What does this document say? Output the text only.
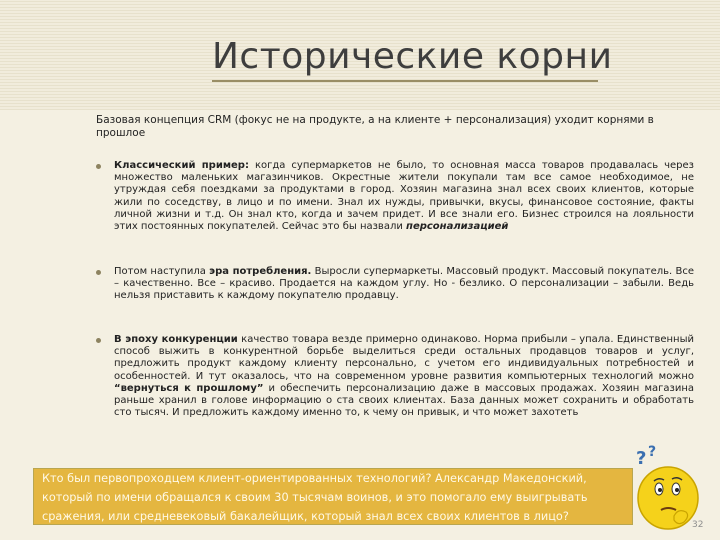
Исторические корни
Базовая концепция CRM (фокус не на продукте, а на клиенте + персонализация) уходит корнями в прошлое
Классический пример: когда супермаркетов не было, то основная масса товаров продавалась через множество маленьких магазинчиков. Окрестные жители покупали там все самое необходимое, не утруждая себя поездками за продуктами в город. Хозяин магазина знал всех своих клиентов, которые жили по соседству, в лицо и по имени. Знал их нужды, привычки, вкусы, финансовое состояние, факты личной жизни и т.д. Он знал кто, когда и зачем придет. И все знали его. Бизнес строился на лояльности этих постоянных покупателей. Сейчас это бы назвали персонализацией
Потом наступила эра потребления. Выросли супермаркеты. Массовый продукт. Массовый покупатель. Все – качественно. Все – красиво. Продается на каждом углу. Но - безлико. О персонализации – забыли. Ведь нельзя приставить к каждому покупателю продавцу.
В эпоху конкуренции качество товара везде примерно одинаково. Норма прибыли – упала. Единственный способ выжить в конкурентной борьбе выделиться среди остальных продавцов товаров и услуг, предложить продукт каждому клиенту персонально, с учетом его индивидуальных потребностей и особенностей. И тут оказалось, что на современном уровне развития компьютерных технологий можно “вернуться к прошлому” и обеспечить персонализацию даже в массовых продажах. Хозяин магазина раньше хранил в голове информацию о ста своих клиентах. База данных может сохранить и обработать сто тысяч. И предложить каждому именно то, к чему он привык, и что может захотеть
Кто был первопроходцем клиент-ориентированных технологий? Александр Македонский,
который по имени обращался к своим 30 тысячам воинов, и это помогало ему выигрывать
сражения, или средневековый бакалейщик, который знал всех своих клиентов в лицо?
? ?
32
